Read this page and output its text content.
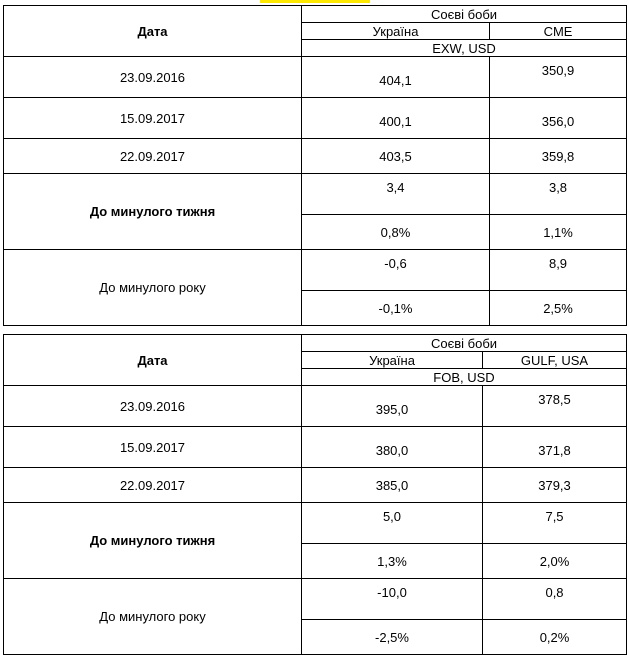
Дата	Соєві боби	
	Україна	CME
	EXW, USD	
23.09.2016	404,1	350,9
15.09.2017	400,1	356,0
22.09.2017	403,5	359,8
До минулого тижня	3,4	3,8
	0,8%	1,1%
До минулого року	-0,6	8,9
	-0,1%	2,5%
Дата	Соєві боби	
	Україна	GULF, USA
	FOB, USD	
23.09.2016	395,0	378,5
15.09.2017	380,0	371,8
22.09.2017	385,0	379,3
До минулого тижня	5,0	7,5
	1,3%	2,0%
До минулого року	-10,0	0,8
	-2,5%	0,2%
